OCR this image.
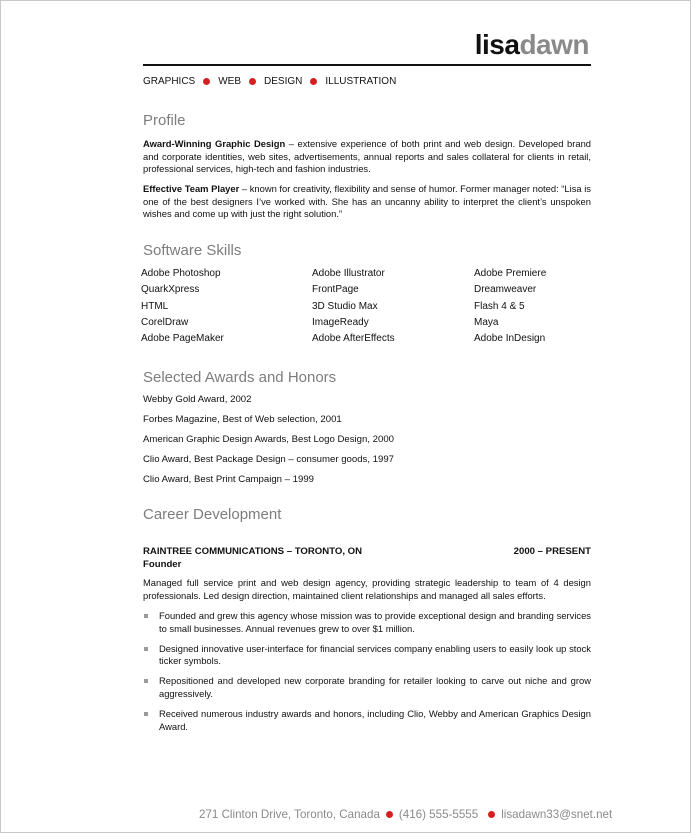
lisadawn
GRAPHICS WEB DESIGN ILLUSTRATION
Profile
Award-Winning Graphic Design – extensive experience of both print and web design. Developed brand and corporate identities, web sites, advertisements, annual reports and sales collateral for clients in retail, professional services, high-tech and fashion industries.
Effective Team Player – known for creativity, flexibility and sense of humor. Former manager noted: “Lisa is one of the best designers I’ve worked with. She has an uncanny ability to interpret the client’s unspoken wishes and come up with just the right solution.”
Software Skills
Adobe Photoshop
QuarkXpress
HTML
CorelDraw
Adobe PageMaker
Adobe Illustrator
FrontPage
3D Studio Max
ImageReady
Adobe AfterEffects
Adobe Premiere
Dreamweaver
Flash 4 & 5
Maya
Adobe InDesign
Selected Awards and Honors
Webby Gold Award, 2002
Forbes Magazine, Best of Web selection, 2001
American Graphic Design Awards, Best Logo Design, 2000
Clio Award, Best Package Design – consumer goods, 1997
Clio Award, Best Print Campaign – 1999
Career Development
RAINTREE COMMUNICATIONS – TORONTO, ON	2000 – PRESENT
Founder
Managed full service print and web design agency, providing strategic leadership to team of 4 design professionals. Led design direction, maintained client relationships and managed all sales efforts.
Founded and grew this agency whose mission was to provide exceptional design and branding services to small businesses. Annual revenues grew to over $1 million.
Designed innovative user-interface for financial services company enabling users to easily look up stock ticker symbols.
Repositioned and developed new corporate branding for retailer looking to carve out niche and grow aggressively.
Received numerous industry awards and honors, including Clio, Webby and American Graphics Design Award.
271 Clinton Drive, Toronto, Canada (416) 555-5555 lisadawn33@snet.net
